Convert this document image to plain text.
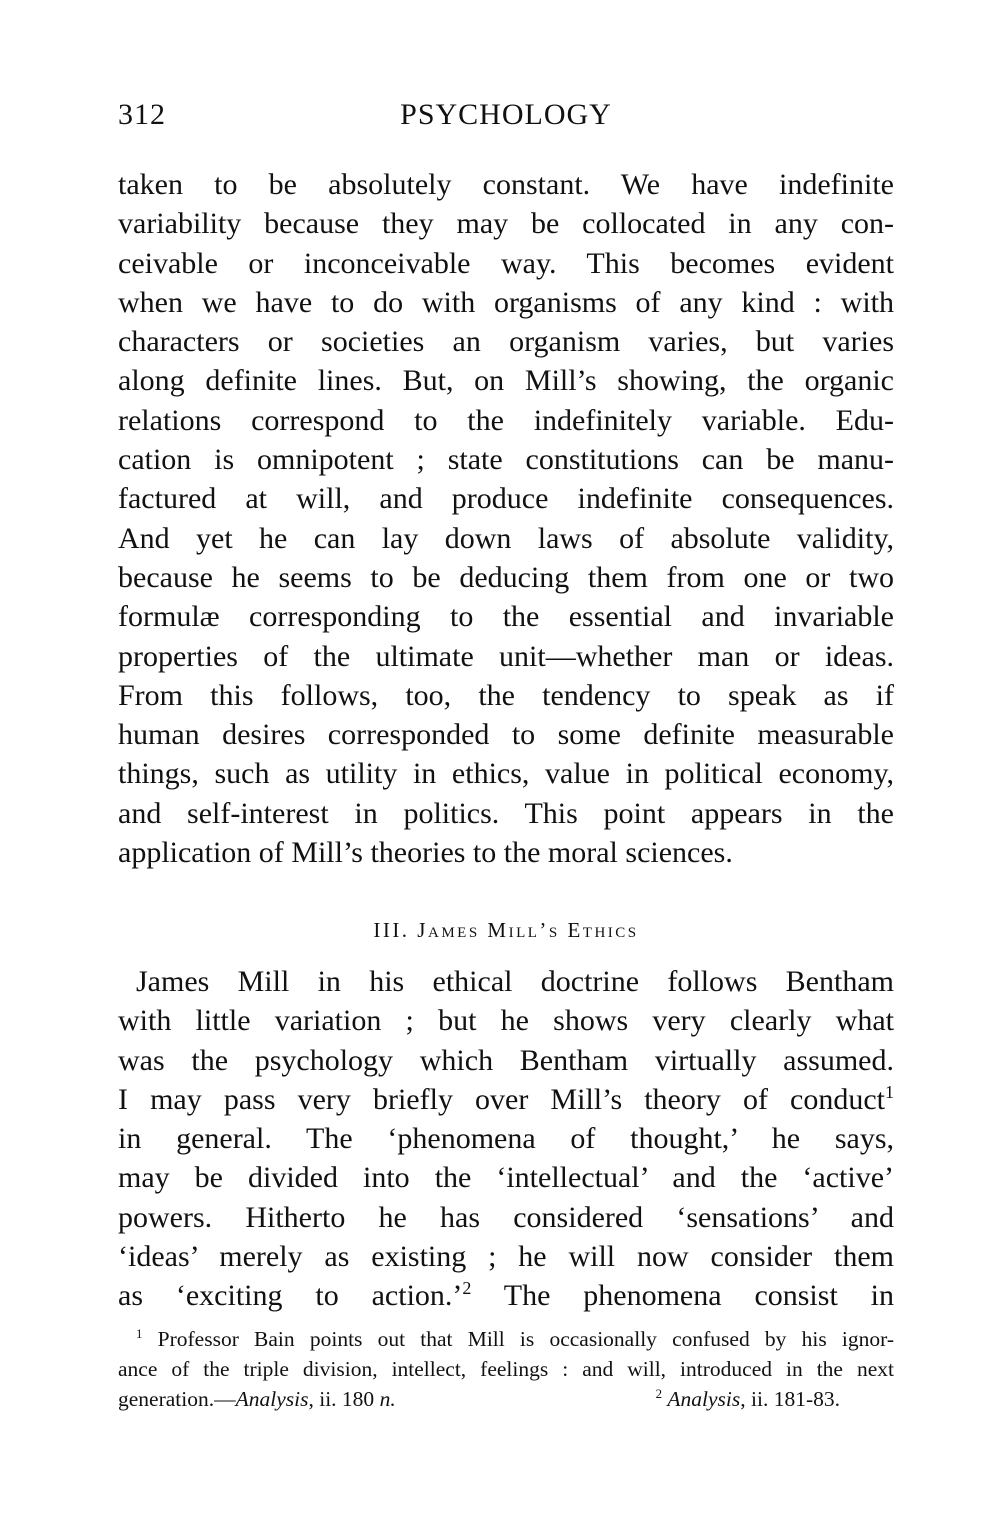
312	PSYCHOLOGY
taken to be absolutely constant. We have indefinite
variability because they may be collocated in any con-
ceivable or inconceivable way. This becomes evident
when we have to do with organisms of any kind : with
characters or societies an organism varies, but varies
along definite lines. But, on Mill’s showing, the organic
relations correspond to the indefinitely variable. Edu-
cation is omnipotent ; state constitutions can be manu-
factured at will, and produce indefinite consequences.
And yet he can lay down laws of absolute validity,
because he seems to be deducing them from one or two
formulæ corresponding to the essential and invariable
properties of the ultimate unit—whether man or ideas.
From this follows, too, the tendency to speak as if
human desires corresponded to some definite measurable
things, such as utility in ethics, value in political economy,
and self-interest in politics. This point appears in the
application of Mill’s theories to the moral sciences.
III. James Mill’s Ethics
James Mill in his ethical doctrine follows Bentham
with little variation ; but he shows very clearly what
was the psychology which Bentham virtually assumed.
I may pass very briefly over Mill’s theory of conduct$^1$
in general. The ‘phenomena of thought,’ he says,
may be divided into the ‘intellectual’ and the ‘active’
powers. Hitherto he has considered ‘sensations’ and
‘ideas’ merely as existing ; he will now consider them
as ‘exciting to action.’$^2$ The phenomena consist in
$^1$ Professor Bain points out that Mill is occasionally confused by his ignor-
ance of the triple division, intellect, feelings : and will, introduced in the next
generation.—Analysis, ii. 180 n.	$^2$ Analysis, ii. 181-83.
